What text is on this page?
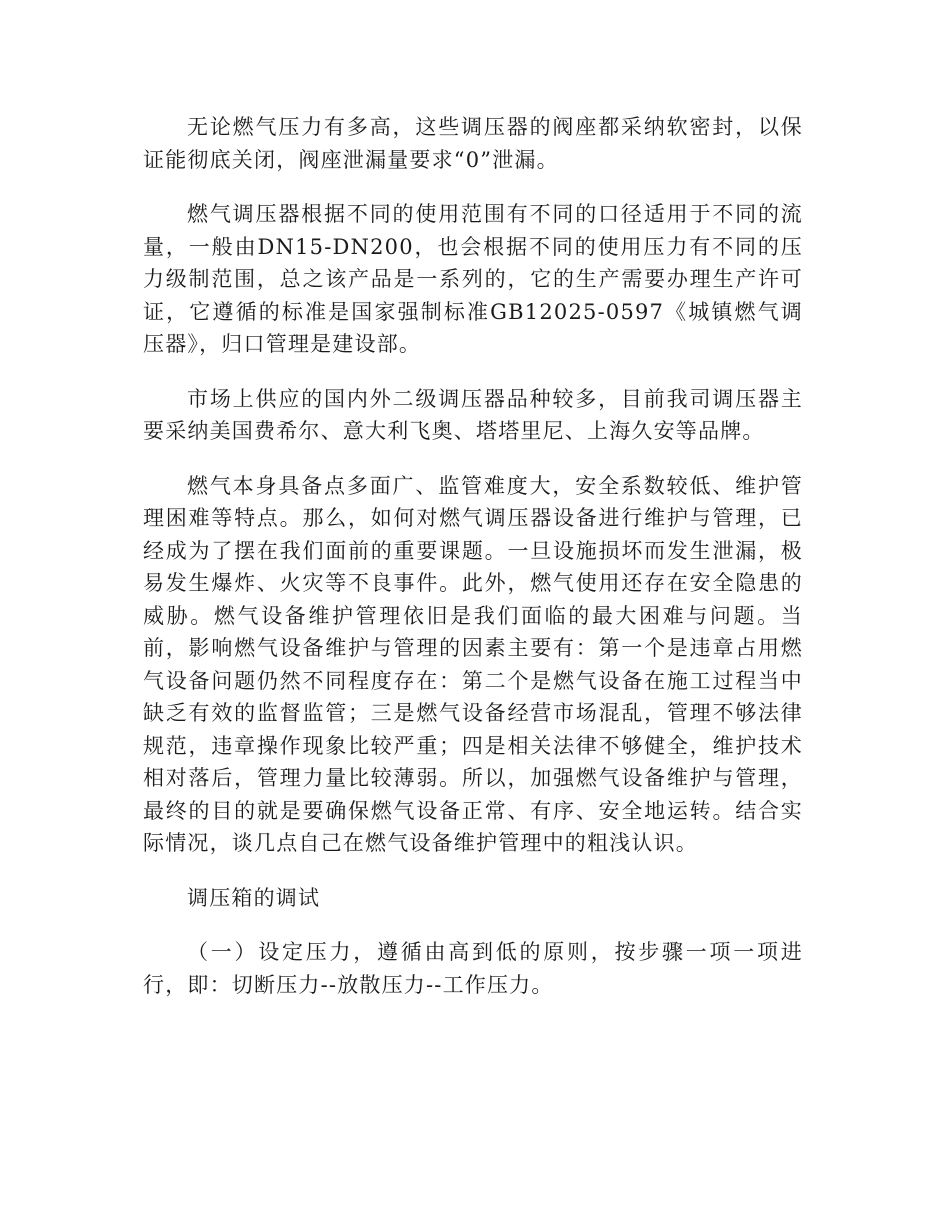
无论燃气压力有多高，这些调压器的阀座都采纳软密封，以保证能彻底关闭，阀座泄漏量要求“0”泄漏。

燃气调压器根据不同的使用范围有不同的口径适用于不同的流量，一般由DN15-DN200，也会根据不同的使用压力有不同的压力级制范围，总之该产品是一系列的，它的生产需要办理生产许可证，它遵循的标准是国家强制标准GB12025-0597《城镇燃气调压器》，归口管理是建设部。

市场上供应的国内外二级调压器品种较多，目前我司调压器主要采纳美国费希尔、意大利飞奥、塔塔里尼、上海久安等品牌。

燃气本身具备点多面广、监管难度大，安全系数较低、维护管理困难等特点。那么，如何对燃气调压器设备进行维护与管理，已经成为了摆在我们面前的重要课题。一旦设施损坏而发生泄漏，极易发生爆炸、火灾等不良事件。此外，燃气使用还存在安全隐患的威胁。燃气设备维护管理依旧是我们面临的最大困难与问题。当前，影响燃气设备维护与管理的因素主要有：第一个是违章占用燃气设备问题仍然不同程度存在：第二个是燃气设备在施工过程当中缺乏有效的监督监管；三是燃气设备经营市场混乱，管理不够法律规范，违章操作现象比较严重；四是相关法律不够健全，维护技术相对落后，管理力量比较薄弱。所以，加强燃气设备维护与管理，最终的目的就是要确保燃气设备正常、有序、安全地运转。结合实际情况，谈几点自己在燃气设备维护管理中的粗浅认识。

调压箱的调试

（一）设定压力，遵循由高到低的原则，按步骤一项一项进行，即：切断压力--放散压力--工作压力。
